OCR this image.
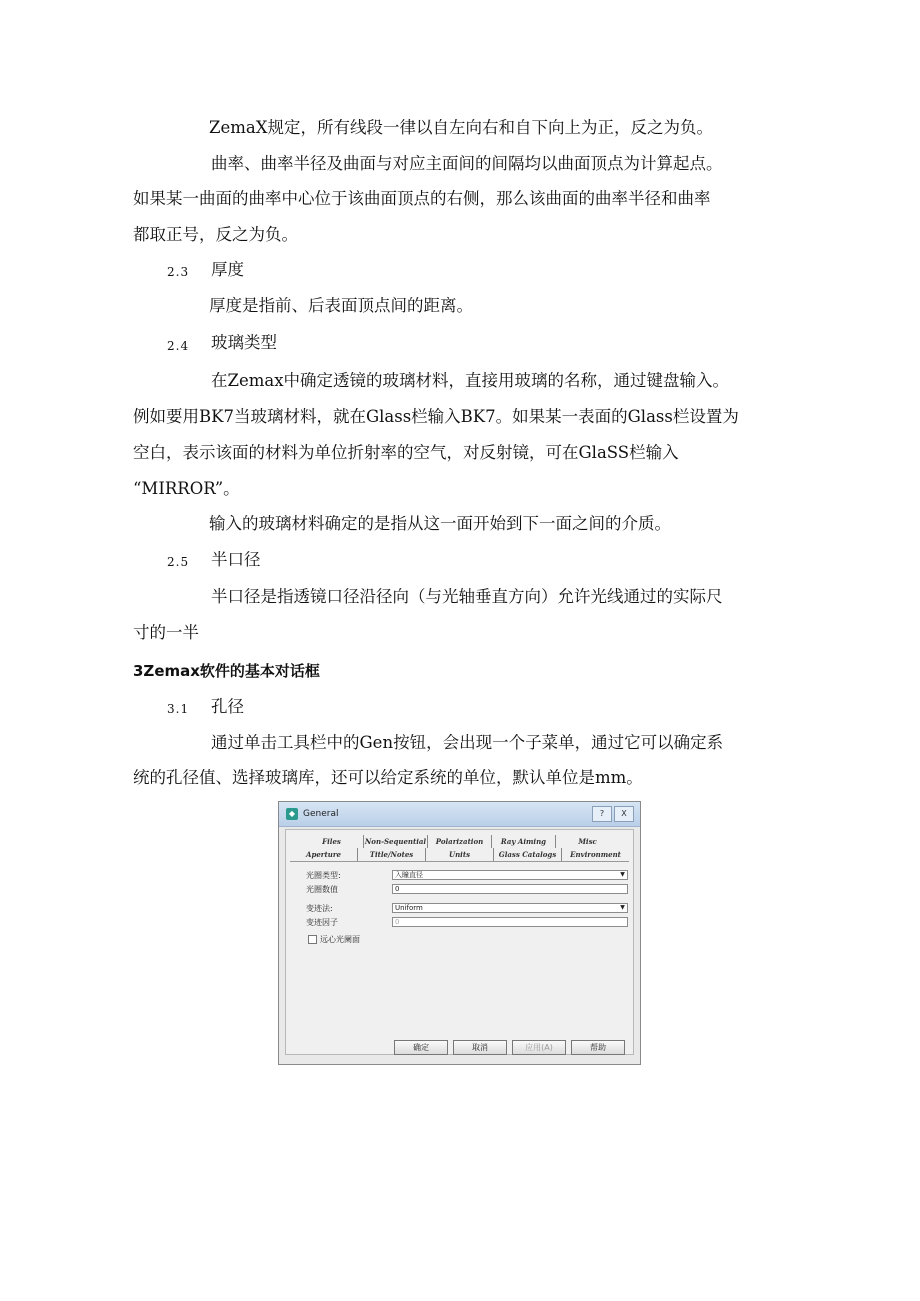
ZemaX规定，所有线段一律以自左向右和自下向上为正，反之为负。
曲率、曲率半径及曲面与对应主面间的间隔均以曲面顶点为计算起点。
如果某一曲面的曲率中心位于该曲面顶点的右侧，那么该曲面的曲率半径和曲率
都取正号，反之为负。
2.3 厚度
厚度是指前、后表面顶点间的距离。
2.4 玻璃类型
在Zemax中确定透镜的玻璃材料，直接用玻璃的名称，通过键盘输入。
例如要用BK7当玻璃材料，就在Glass栏输入BK7。如果某一表面的Glass栏设置为
空白，表示该面的材料为单位折射率的空气，对反射镜，可在GlaSS栏输入
“MIRROR”。
输入的玻璃材料确定的是指从这一面开始到下一面之间的介质。
2.5 半口径
半口径是指透镜口径沿径向（与光轴垂直方向）允许光线通过的实际尺
寸的一半
3Zemax软件的基本对话框
3.1 孔径
通过单击工具栏中的Gen按钮，会出现一个子菜单，通过它可以确定系
统的孔径值、选择玻璃库，还可以给定系统的单位，默认单位是mm。
◆ General	?	X
Files	Non-Sequential	Polarization	Ray Aiming	Misc
Aperture	Title/Notes	Units	Glass Catalogs	Environment
光圈类型:	入瞳直径	▼
光圈数值	0
变迹法:	Uniform	▼
变迹因子	0
远心光阑面
确定	取消	应用(A)	帮助
